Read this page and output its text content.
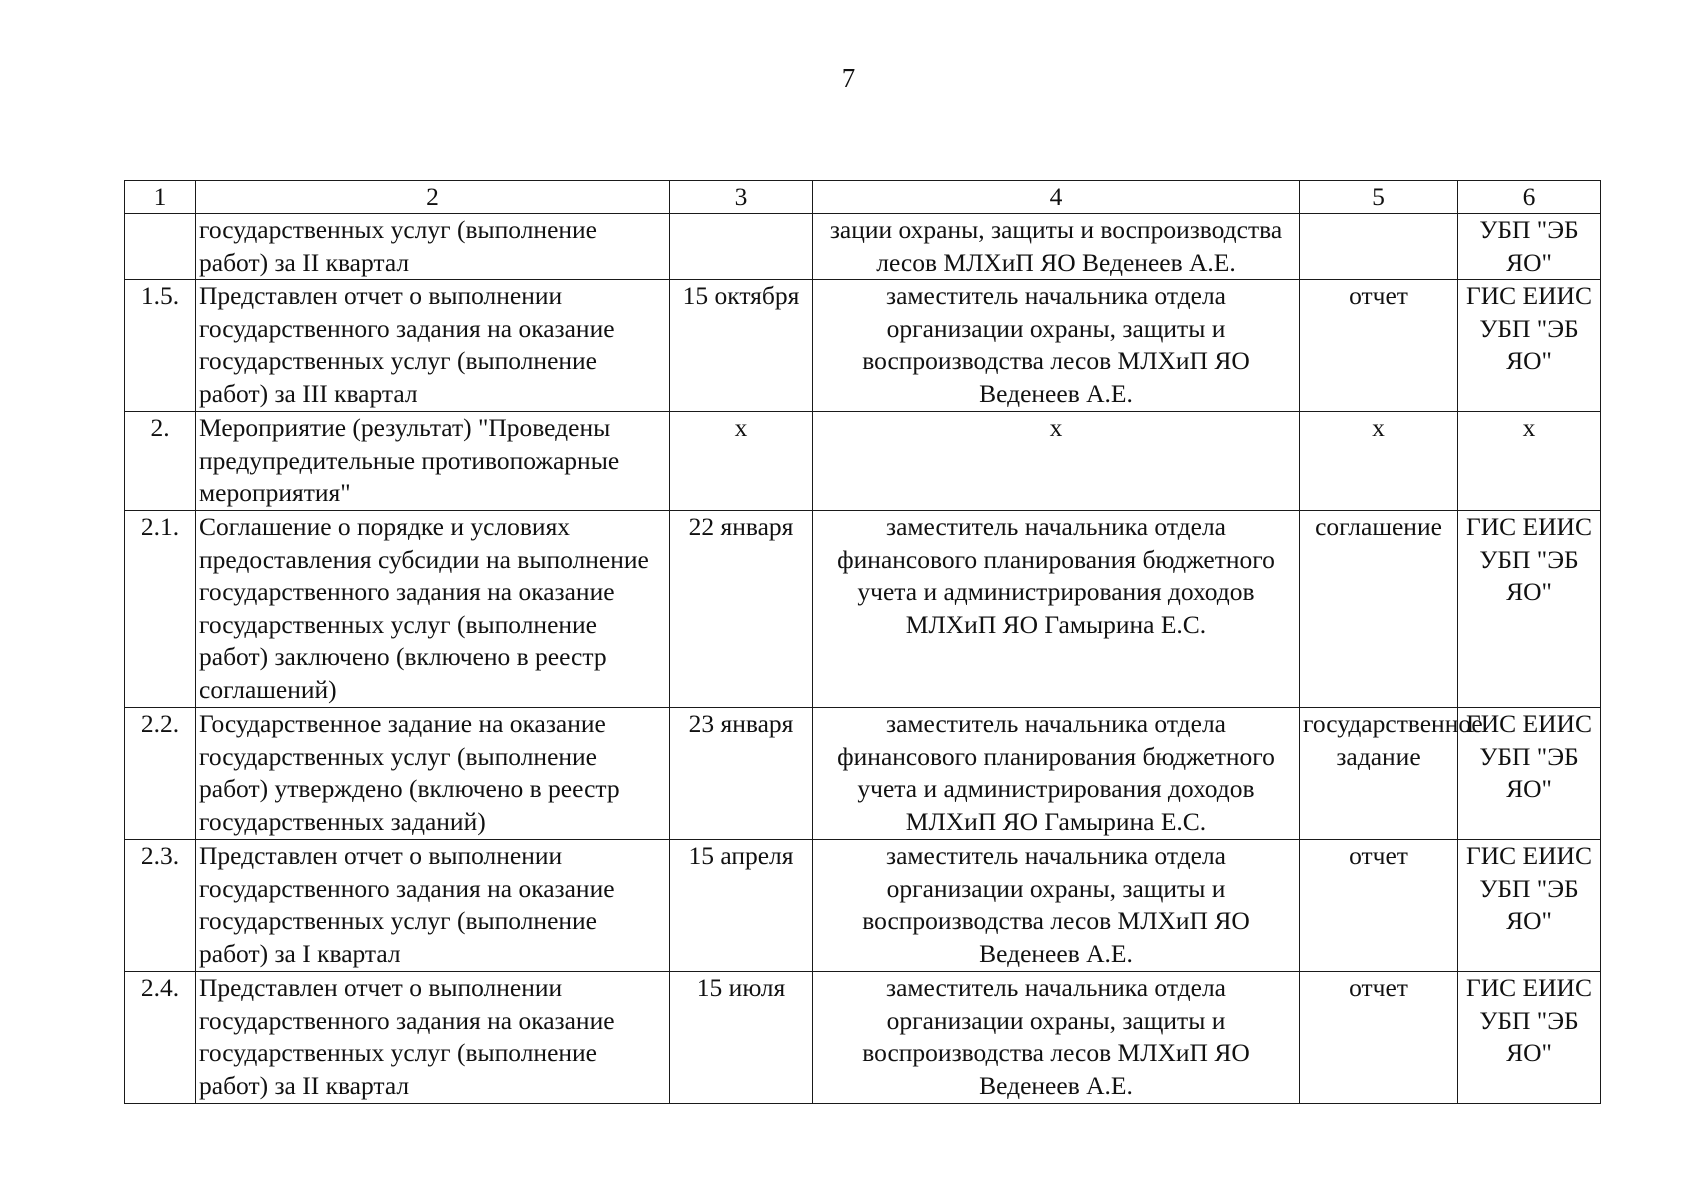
7
1	2	3	4	5	6
	государственных услуг (выполнение работ) за II квартал		зации охраны, защиты и воспроизводства лесов МЛХиП ЯО Веденеев А.Е.		УБП "ЭБ ЯО"
1.5.	Представлен отчет о выполнении государственного задания на оказание государственных услуг (выполнение работ) за III квартал	15 октября	заместитель начальника отдела организации охраны, защиты и воспроизводства лесов МЛХиП ЯО Веденеев А.Е.	отчет	ГИС ЕИИС УБП "ЭБ ЯО"
2.	Мероприятие (результат) "Проведены предупредительные противопожарные мероприятия"	х	х	х	х
2.1.	Соглашение о порядке и условиях предоставления субсидии на выполнение государственного задания на оказание государственных услуг (выполнение работ) заключено (включено в реестр соглашений)	22 января	заместитель начальника отдела финансового планирования бюджетного учета и администрирования доходов МЛХиП ЯО Гамырина Е.С.	соглашение	ГИС ЕИИС УБП "ЭБ ЯО"
2.2.	Государственное задание на оказание государственных услуг (выполнение работ) утверждено (включено в реестр государственных заданий)	23 января	заместитель начальника отдела финансового планирования бюджетного учета и администрирования доходов МЛХиП ЯО Гамырина Е.С.	государственное задание	ГИС ЕИИС УБП "ЭБ ЯО"
2.3.	Представлен отчет о выполнении государственного задания на оказание государственных услуг (выполнение работ) за I квартал	15 апреля	заместитель начальника отдела организации охраны, защиты и воспроизводства лесов МЛХиП ЯО Веденеев А.Е.	отчет	ГИС ЕИИС УБП "ЭБ ЯО"
2.4.	Представлен отчет о выполнении государственного задания на оказание государственных услуг (выполнение работ) за II квартал	15 июля	заместитель начальника отдела организации охраны, защиты и воспроизводства лесов МЛХиП ЯО Веденеев А.Е.	отчет	ГИС ЕИИС УБП "ЭБ ЯО"
